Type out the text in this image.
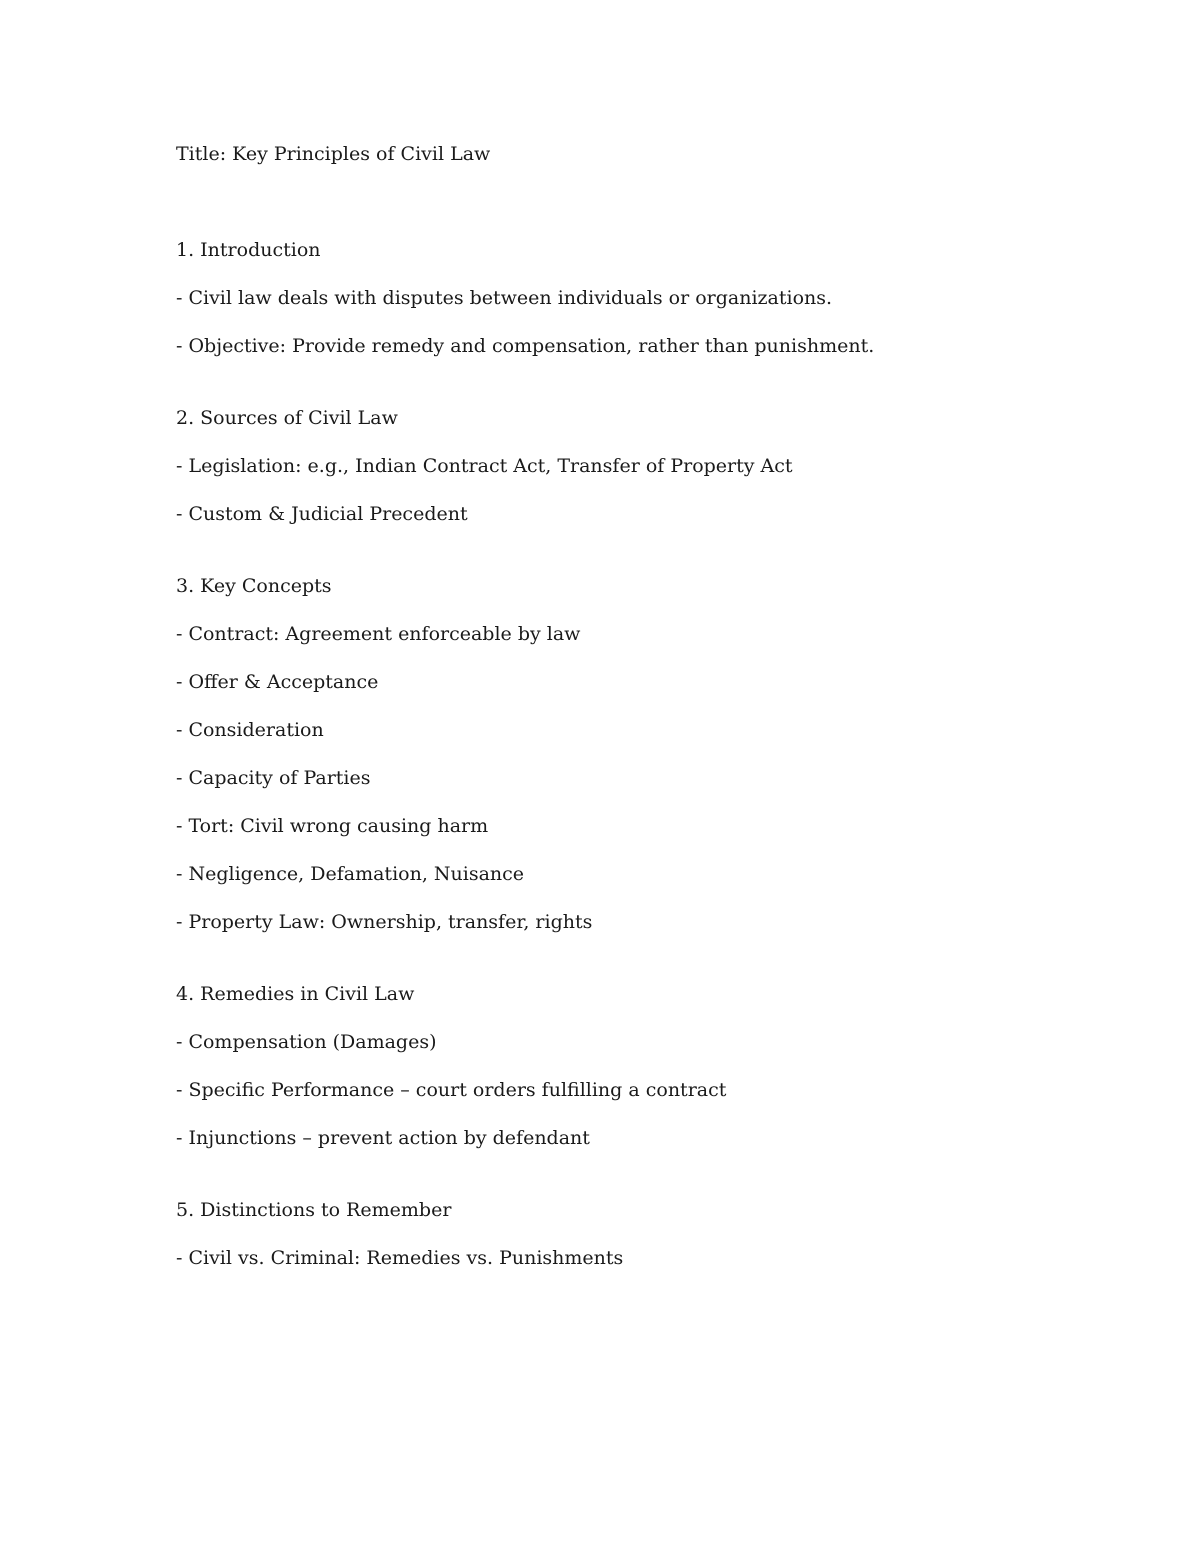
Title: Key Principles of Civil Law

1. Introduction

- Civil law deals with disputes between individuals or organizations.

- Objective: Provide remedy and compensation, rather than punishment.

2. Sources of Civil Law

- Legislation: e.g., Indian Contract Act, Transfer of Property Act

- Custom & Judicial Precedent

3. Key Concepts

- Contract: Agreement enforceable by law

- Offer & Acceptance

- Consideration

- Capacity of Parties

- Tort: Civil wrong causing harm

- Negligence, Defamation, Nuisance

- Property Law: Ownership, transfer, rights

4. Remedies in Civil Law

- Compensation (Damages)

- Specific Performance – court orders fulfilling a contract

- Injunctions – prevent action by defendant

5. Distinctions to Remember

- Civil vs. Criminal: Remedies vs. Punishments
